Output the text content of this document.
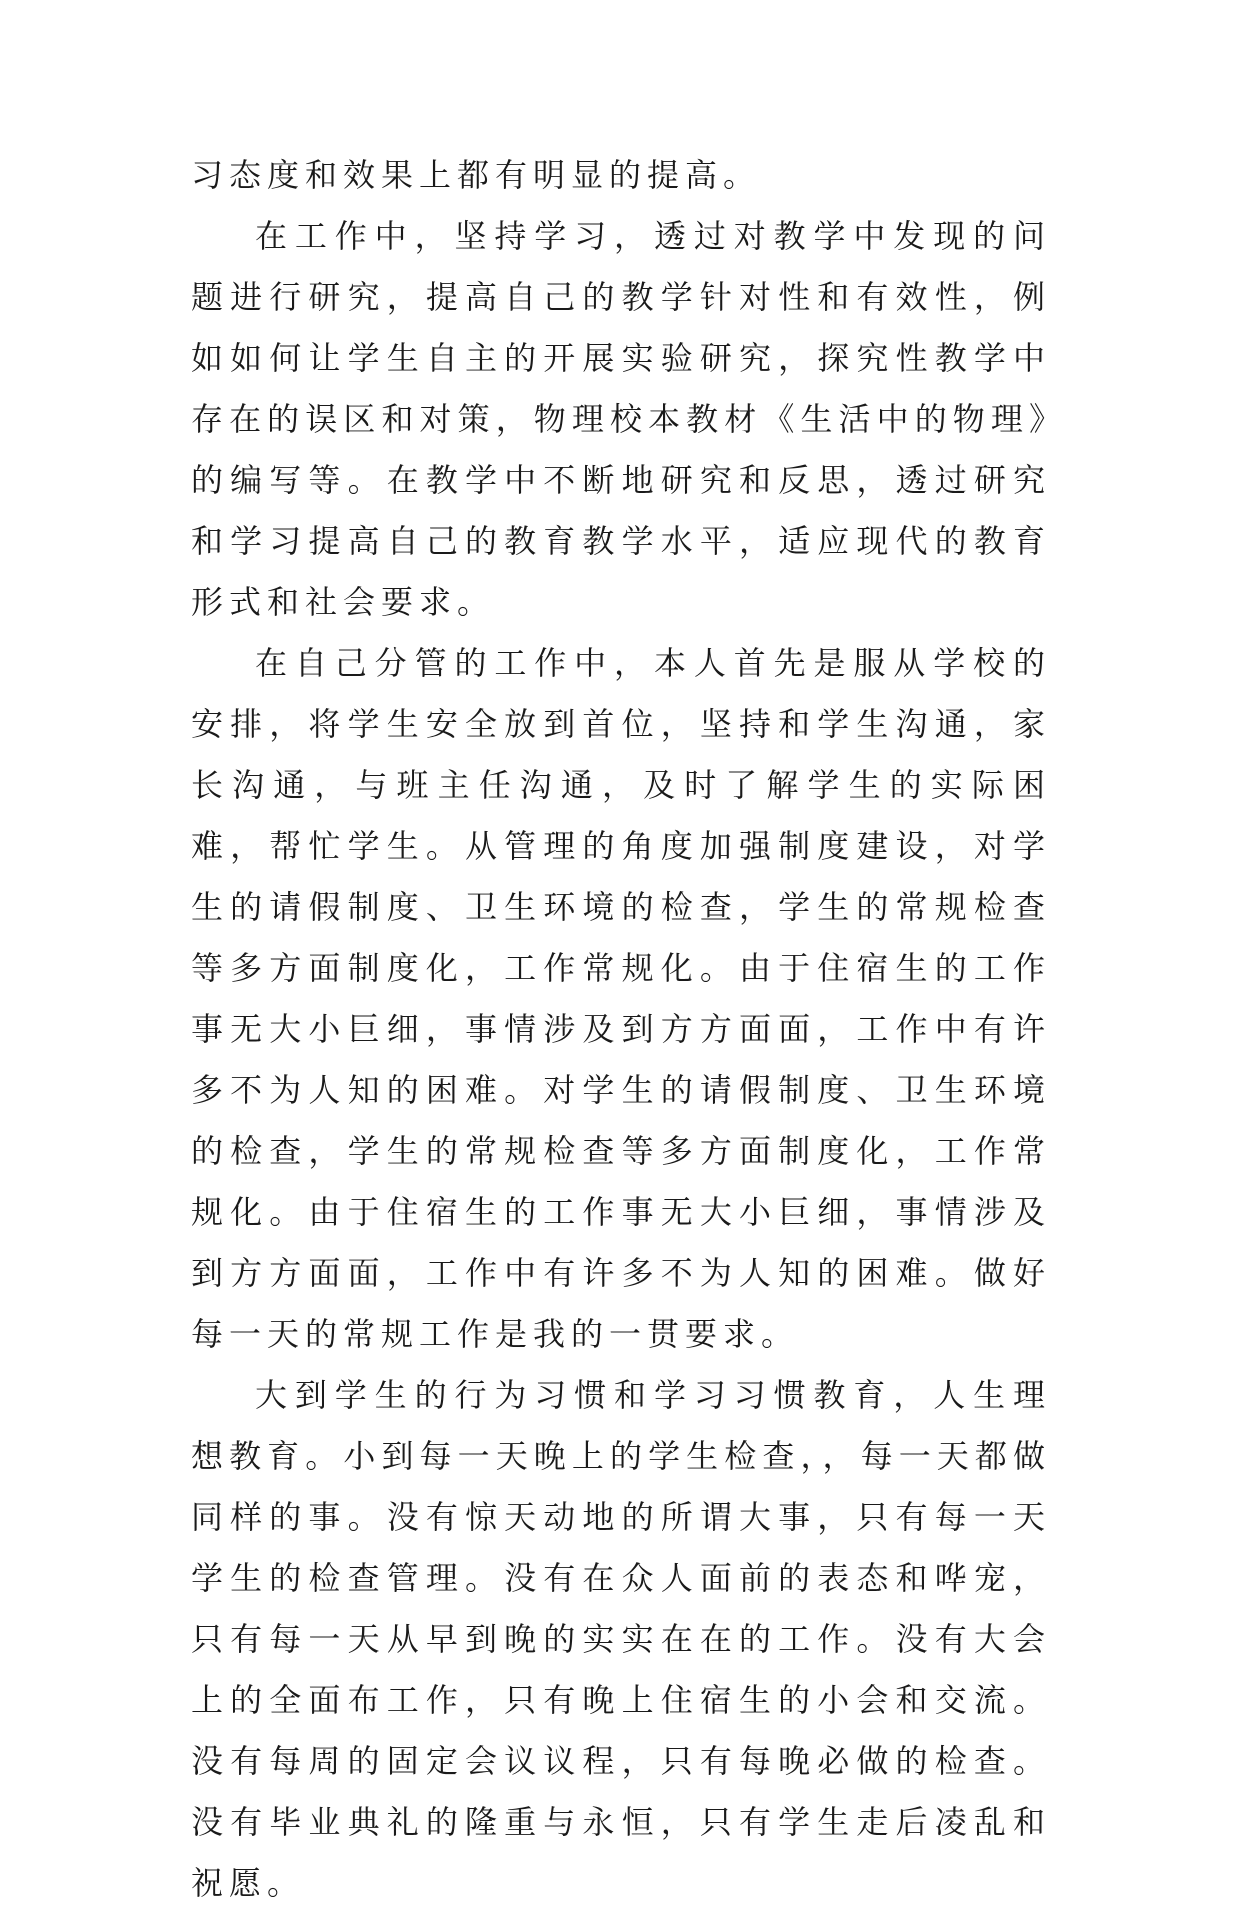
习态度和效果上都有明显的提高。

在工作中，坚持学习，透过对教学中发现的问题进行研究，提高自己的教学针对性和有效性，例如如何让学生自主的开展实验研究，探究性教学中存在的误区和对策，物理校本教材《生活中的物理》的编写等。在教学中不断地研究和反思，透过研究和学习提高自己的教育教学水平，适应现代的教育形式和社会要求。

在自己分管的工作中，本人首先是服从学校的安排，将学生安全放到首位，坚持和学生沟通，家长沟通，与班主任沟通，及时了解学生的实际困难，帮忙学生。从管理的角度加强制度建设，对学生的请假制度、卫生环境的检查，学生的常规检查等多方面制度化，工作常规化。由于住宿生的工作事无大小巨细，事情涉及到方方面面，工作中有许多不为人知的困难。对学生的请假制度、卫生环境的检查，学生的常规检查等多方面制度化，工作常规化。由于住宿生的工作事无大小巨细，事情涉及到方方面面，工作中有许多不为人知的困难。做好每一天的常规工作是我的一贯要求。

大到学生的行为习惯和学习习惯教育，人生理想教育。小到每一天晚上的学生检查，，每一天都做同样的事。没有惊天动地的所谓大事，只有每一天学生的检查管理。没有在众人面前的表态和哗宠，只有每一天从早到晚的实实在在的工作。没有大会上的全面布工作，只有晚上住宿生的小会和交流。没有每周的固定会议议程，只有每晚必做的检查。没有毕业典礼的隆重与永恒，只有学生走后凌乱和祝愿。
